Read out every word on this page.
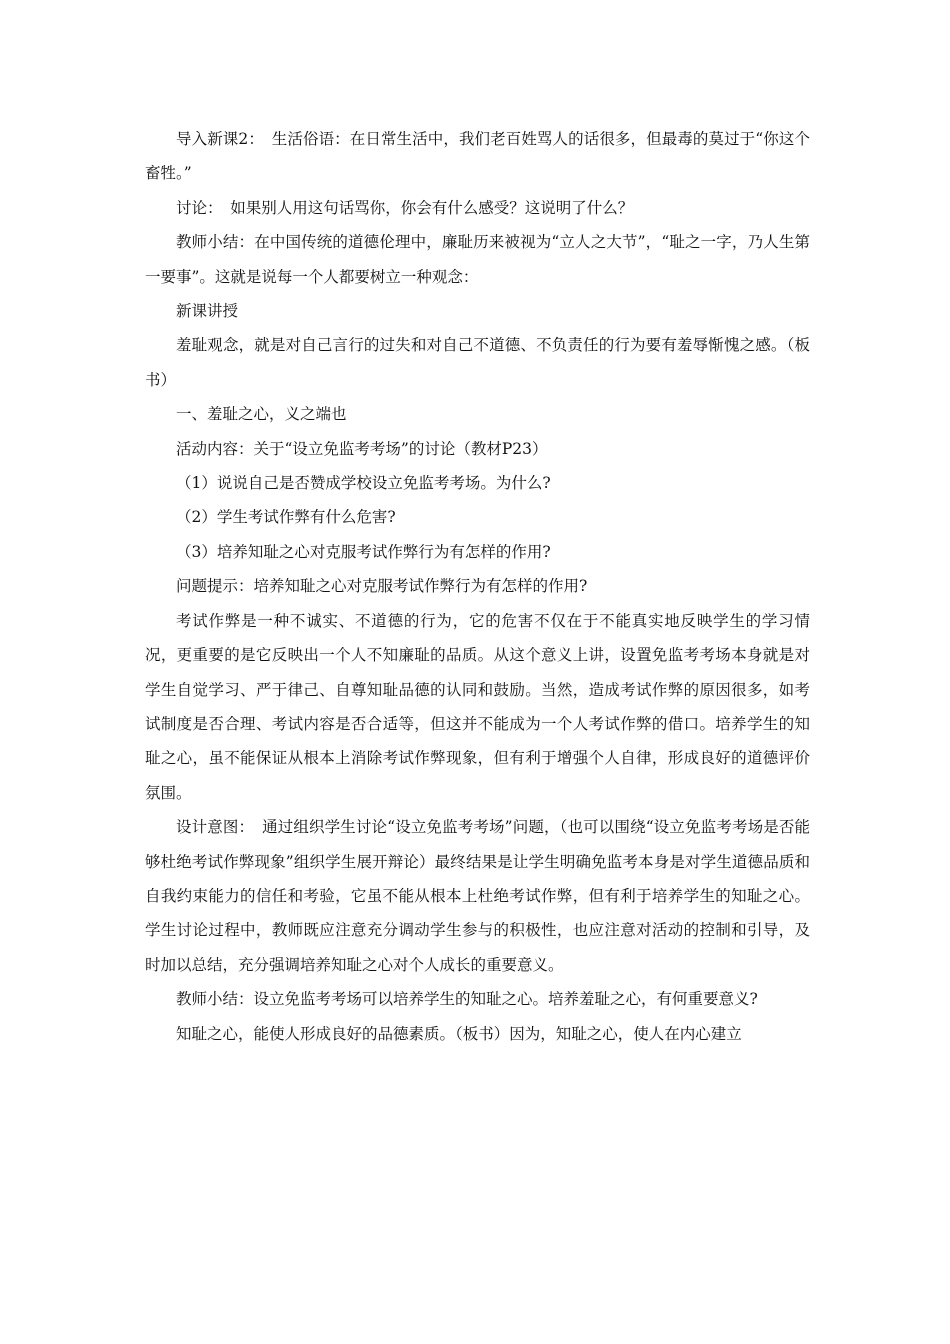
导入新课2：　生活俗语：在日常生活中，我们老百姓骂人的话很多，但最毒的莫过于“你这个畜牲。”

讨论：　如果别人用这句话骂你，你会有什么感受？这说明了什么？

教师小结：在中国传统的道德伦理中，廉耻历来被视为“立人之大节”，“耻之一字，乃人生第一要事”。这就是说每一个人都要树立一种观念：

新课讲授

羞耻观念，就是对自己言行的过失和对自己不道德、不负责任的行为要有羞辱惭愧之感。（板书）

一、羞耻之心，义之端也

活动内容：关于“设立免监考考场”的讨论（教材P23）

（1）说说自己是否赞成学校设立免监考考场。为什么?

（2）学生考试作弊有什么危害?

（3）培养知耻之心对克服考试作弊行为有怎样的作用?

问题提示：培养知耻之心对克服考试作弊行为有怎样的作用?

考试作弊是一种不诚实、不道德的行为，它的危害不仅在于不能真实地反映学生的学习情况，更重要的是它反映出一个人不知廉耻的品质。从这个意义上讲，设置免监考考场本身就是对学生自觉学习、严于律己、自尊知耻品德的认同和鼓励。当然，造成考试作弊的原因很多，如考试制度是否合理、考试内容是否合适等，但这并不能成为一个人考试作弊的借口。培养学生的知耻之心，虽不能保证从根本上消除考试作弊现象，但有利于增强个人自律，形成良好的道德评价氛围。

设计意图：　通过组织学生讨论“设立免监考考场”问题，（也可以围绕“设立免监考考场是否能够杜绝考试作弊现象”组织学生展开辩论）最终结果是让学生明确免监考本身是对学生道德品质和自我约束能力的信任和考验，它虽不能从根本上杜绝考试作弊，但有利于培养学生的知耻之心。学生讨论过程中，教师既应注意充分调动学生参与的积极性，也应注意对活动的控制和引导，及时加以总结，充分强调培养知耻之心对个人成长的重要意义。

教师小结：设立免监考考场可以培养学生的知耻之心。培养羞耻之心，有何重要意义?

知耻之心，能使人形成良好的品德素质。（板书）因为，知耻之心，使人在内心建立
